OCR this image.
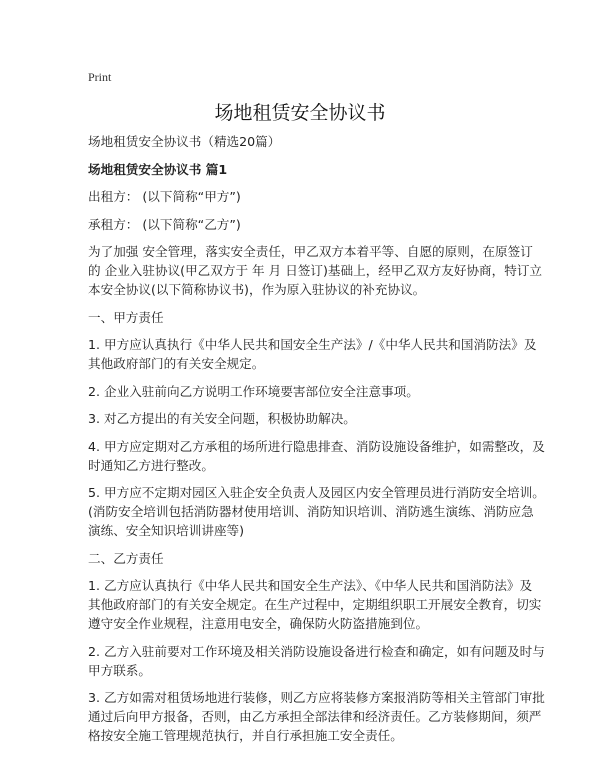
Print
场地租赁安全协议书
场地租赁安全协议书（精选20篇）
场地租赁安全协议书 篇1
出租方： (以下简称“甲方”)
承租方： (以下简称“乙方”)
为了加强 安全管理，落实安全责任，甲乙双方本着平等、自愿的原则，在原签订
的 企业入驻协议(甲乙双方于 年 月 日签订)基础上，经甲乙双方友好协商，特订立
本安全协议(以下简称协议书)，作为原入驻协议的补充协议。
一、甲方责任
1. 甲方应认真执行《中华人民共和国安全生产法》/《中华人民共和国消防法》及
其他政府部门的有关安全规定。
2. 企业入驻前向乙方说明工作环境要害部位安全注意事项。
3. 对乙方提出的有关安全问题，积极协助解决。
4. 甲方应定期对乙方承租的场所进行隐患排查、消防设施设备维护，如需整改，及
时通知乙方进行整改。
5. 甲方应不定期对园区入驻企安全负责人及园区内安全管理员进行消防安全培训。
(消防安全培训包括消防器材使用培训、消防知识培训、消防逃生演练、消防应急
演练、安全知识培训讲座等)
二、乙方责任
1. 乙方应认真执行《中华人民共和国安全生产法》、《中华人民共和国消防法》及
其他政府部门的有关安全规定。在生产过程中，定期组织职工开展安全教育，切实
遵守安全作业规程，注意用电安全，确保防火防盗措施到位。
2. 乙方入驻前要对工作环境及相关消防设施设备进行检查和确定，如有问题及时与
甲方联系。
3. 乙方如需对租赁场地进行装修，则乙方应将装修方案报消防等相关主管部门审批
通过后向甲方报备，否则，由乙方承担全部法律和经济责任。乙方装修期间，须严
格按安全施工管理规范执行，并自行承担施工安全责任。
